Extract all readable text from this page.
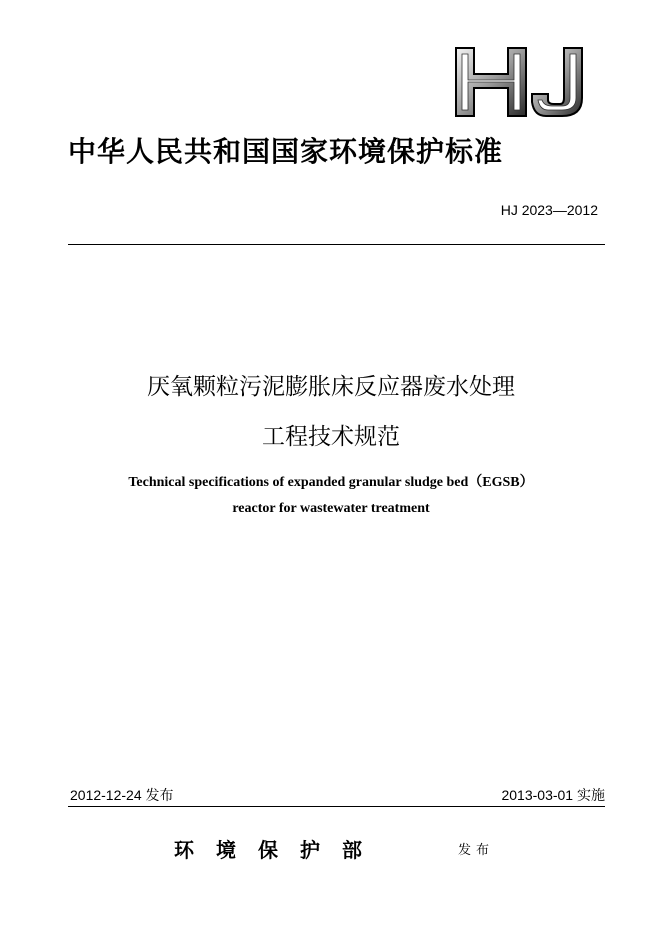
中华人民共和国国家环境保护标准
HJ 2023—2012
厌氧颗粒污泥膨胀床反应器废水处理
工程技术规范
Technical specifications of expanded granular sludge bed（EGSB）
reactor for wastewater treatment
2012-12-24 发布	2013-03-01 实施
环境保护部	发布
